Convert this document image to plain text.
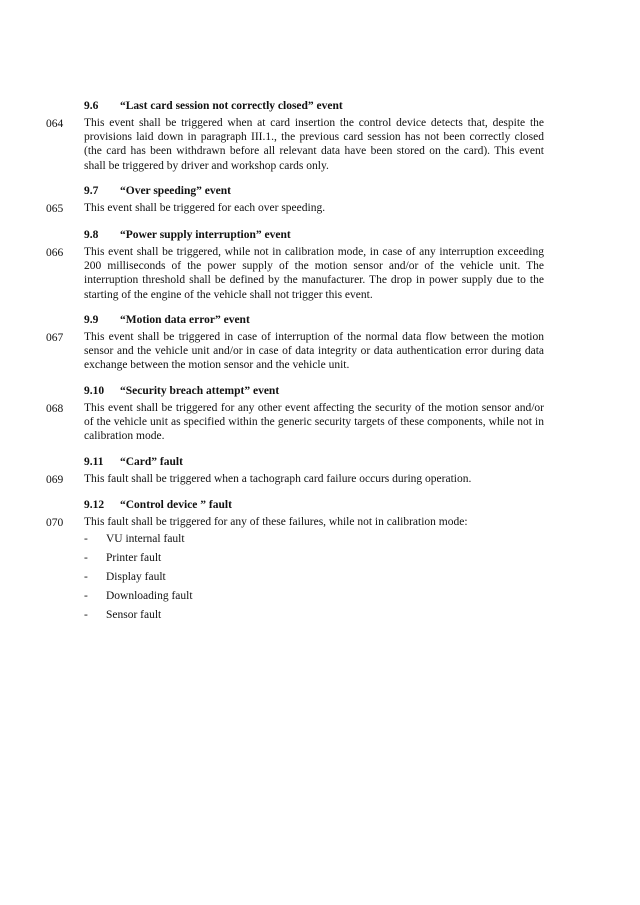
9.6 “Last card session not correctly closed” event
064 This event shall be triggered when at card insertion the control device detects that, despite the provisions laid down in paragraph III.1., the previous card session has not been correctly closed (the card has been withdrawn before all relevant data have been stored on the card). This event shall be triggered by driver and workshop cards only.
9.7 “Over speeding” event
065 This event shall be triggered for each over speeding.
9.8 “Power supply interruption” event
066 This event shall be triggered, while not in calibration mode, in case of any interruption exceeding 200 milliseconds of the power supply of the motion sensor and/or of the vehicle unit. The interruption threshold shall be defined by the manufacturer. The drop in power supply due to the starting of the engine of the vehicle shall not trigger this event.
9.9 “Motion data error” event
067 This event shall be triggered in case of interruption of the normal data flow between the motion sensor and the vehicle unit and/or in case of data integrity or data authentication error during data exchange between the motion sensor and the vehicle unit.
9.10 “Security breach attempt” event
068 This event shall be triggered for any other event affecting the security of the motion sensor and/or of the vehicle unit as specified within the generic security targets of these components, while not in calibration mode.
9.11 “Card” fault
069 This fault shall be triggered when a tachograph card failure occurs during operation.
9.12 “Control device ” fault
070 This fault shall be triggered for any of these failures, while not in calibration mode:
- VU internal fault
- Printer fault
- Display fault
- Downloading fault
- Sensor fault
